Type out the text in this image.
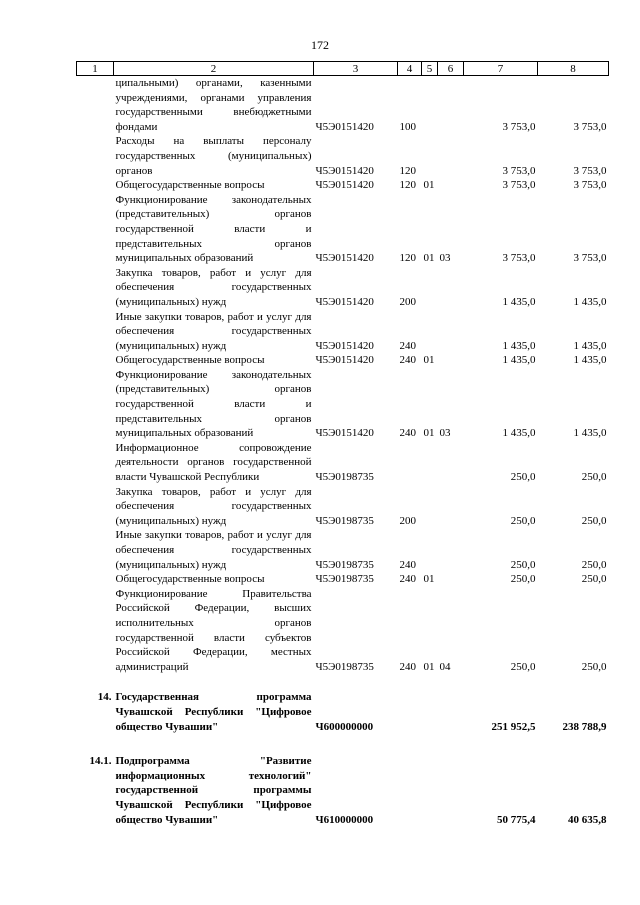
172
1	2	3	4	5	6	7	8
	ципальными) органами, казенными учреждениями, органами управления государственными внебюджетными фондами	Ч5Э0151420	100			3 753,0	3 753,0
	Расходы на выплаты персоналу государственных (муниципальных) органов	Ч5Э0151420	120			3 753,0	3 753,0
	Общегосударственные вопросы	Ч5Э0151420	120	01		3 753,0	3 753,0
	Функционирование законодательных (представительных) органов государственной власти и представительных органов муниципальных образований	Ч5Э0151420	120	01	03	3 753,0	3 753,0
	Закупка товаров, работ и услуг для обеспечения государственных (муниципальных) нужд	Ч5Э0151420	200			1 435,0	1 435,0
	Иные закупки товаров, работ и услуг для обеспечения государственных (муниципальных) нужд	Ч5Э0151420	240			1 435,0	1 435,0
	Общегосударственные вопросы	Ч5Э0151420	240	01		1 435,0	1 435,0
	Функционирование законодательных (представительных) органов государственной власти и представительных органов муниципальных образований	Ч5Э0151420	240	01	03	1 435,0	1 435,0
	Информационное сопровождение деятельности органов государственной власти Чувашской Республики	Ч5Э0198735				250,0	250,0
	Закупка товаров, работ и услуг для обеспечения государственных (муниципальных) нужд	Ч5Э0198735	200			250,0	250,0
	Иные закупки товаров, работ и услуг для обеспечения государственных (муниципальных) нужд	Ч5Э0198735	240			250,0	250,0
	Общегосударственные вопросы	Ч5Э0198735	240	01		250,0	250,0
	Функционирование Правительства Российской Федерации, высших исполнительных органов государственной власти субъектов Российской Федерации, местных администраций	Ч5Э0198735	240	01	04	250,0	250,0

14.	Государственная программа Чувашской Республики "Цифровое общество Чувашии"	Ч600000000				251 952,5	238 788,9

14.1.	Подпрограмма "Развитие информационных технологий" государственной программы Чувашской Республики "Цифровое общество Чувашии"	Ч610000000				50 775,4	40 635,8
